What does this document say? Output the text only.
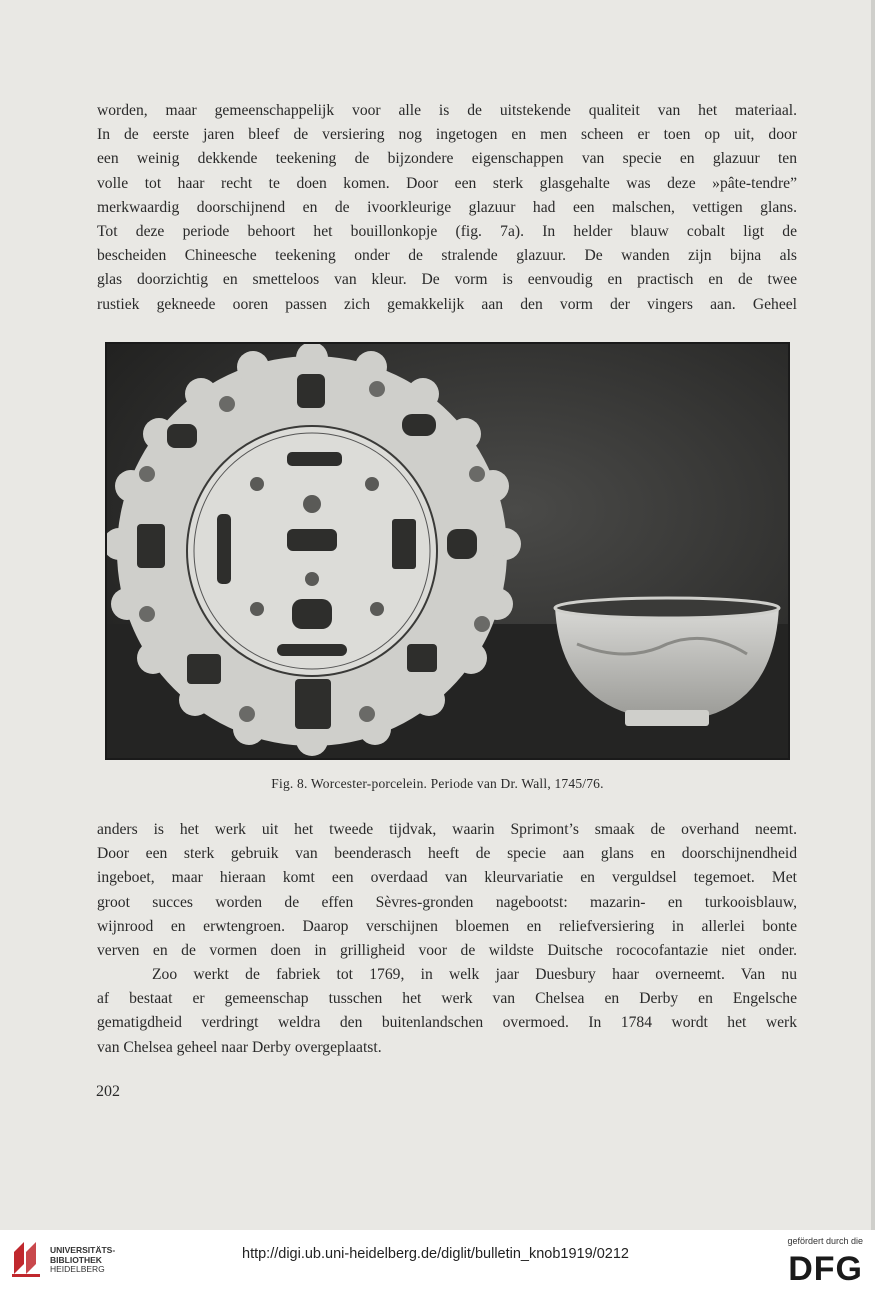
worden, maar gemeenschappelijk voor alle is de uitstekende qualiteit van het materiaal.
In de eerste jaren bleef de versiering nog ingetogen en men scheen er toen op uit, door
een weinig dekkende teekening de bijzondere eigenschappen van specie en glazuur ten
volle tot haar recht te doen komen. Door een sterk glasgehalte was deze »pâte-tendre”
merkwaardig doorschijnend en de ivoorkleurige glazuur had een malschen, vettigen glans.
Tot deze periode behoort het bouillonkopje (fig. 7a). In helder blauw cobalt ligt de
bescheiden Chineesche teekening onder de stralende glazuur. De wanden zijn bijna als
glas doorzichtig en smetteloos van kleur. De vorm is eenvoudig en practisch en de twee
rustiek gekneede ooren passen zich gemakkelijk aan den vorm der vingers aan. Geheel
Fig. 8. Worcester-porcelein. Periode van Dr. Wall, 1745/76.
anders is het werk uit het tweede tijdvak, waarin Sprimont’s smaak de overhand neemt.
Door een sterk gebruik van beenderasch heeft de specie aan glans en doorschijnendheid
ingeboet, maar hieraan komt een overdaad van kleurvariatie en verguldsel tegemoet. Met
groot succes worden de effen Sèvres-gronden nagebootst: mazarin- en turkooisblauw,
wijnrood en erwtengroen. Daarop verschijnen bloemen en reliefversiering in allerlei bonte
verven en de vormen doen in grilligheid voor de wildste Duitsche rococofantazie niet onder.
Zoo werkt de fabriek tot 1769, in welk jaar Duesbury haar overneemt. Van nu
af bestaat er gemeenschap tusschen het werk van Chelsea en Derby en Engelsche
gematigdheid verdringt weldra den buitenlandschen overmoed. In 1784 wordt het werk
van Chelsea geheel naar Derby overgeplaatst.
202
UNIVERSITÄTS-
BIBLIOTHEK
HEIDELBERG
http://digi.ub.uni-heidelberg.de/diglit/bulletin_knob1919/0212
gefördert durch die
DFG
